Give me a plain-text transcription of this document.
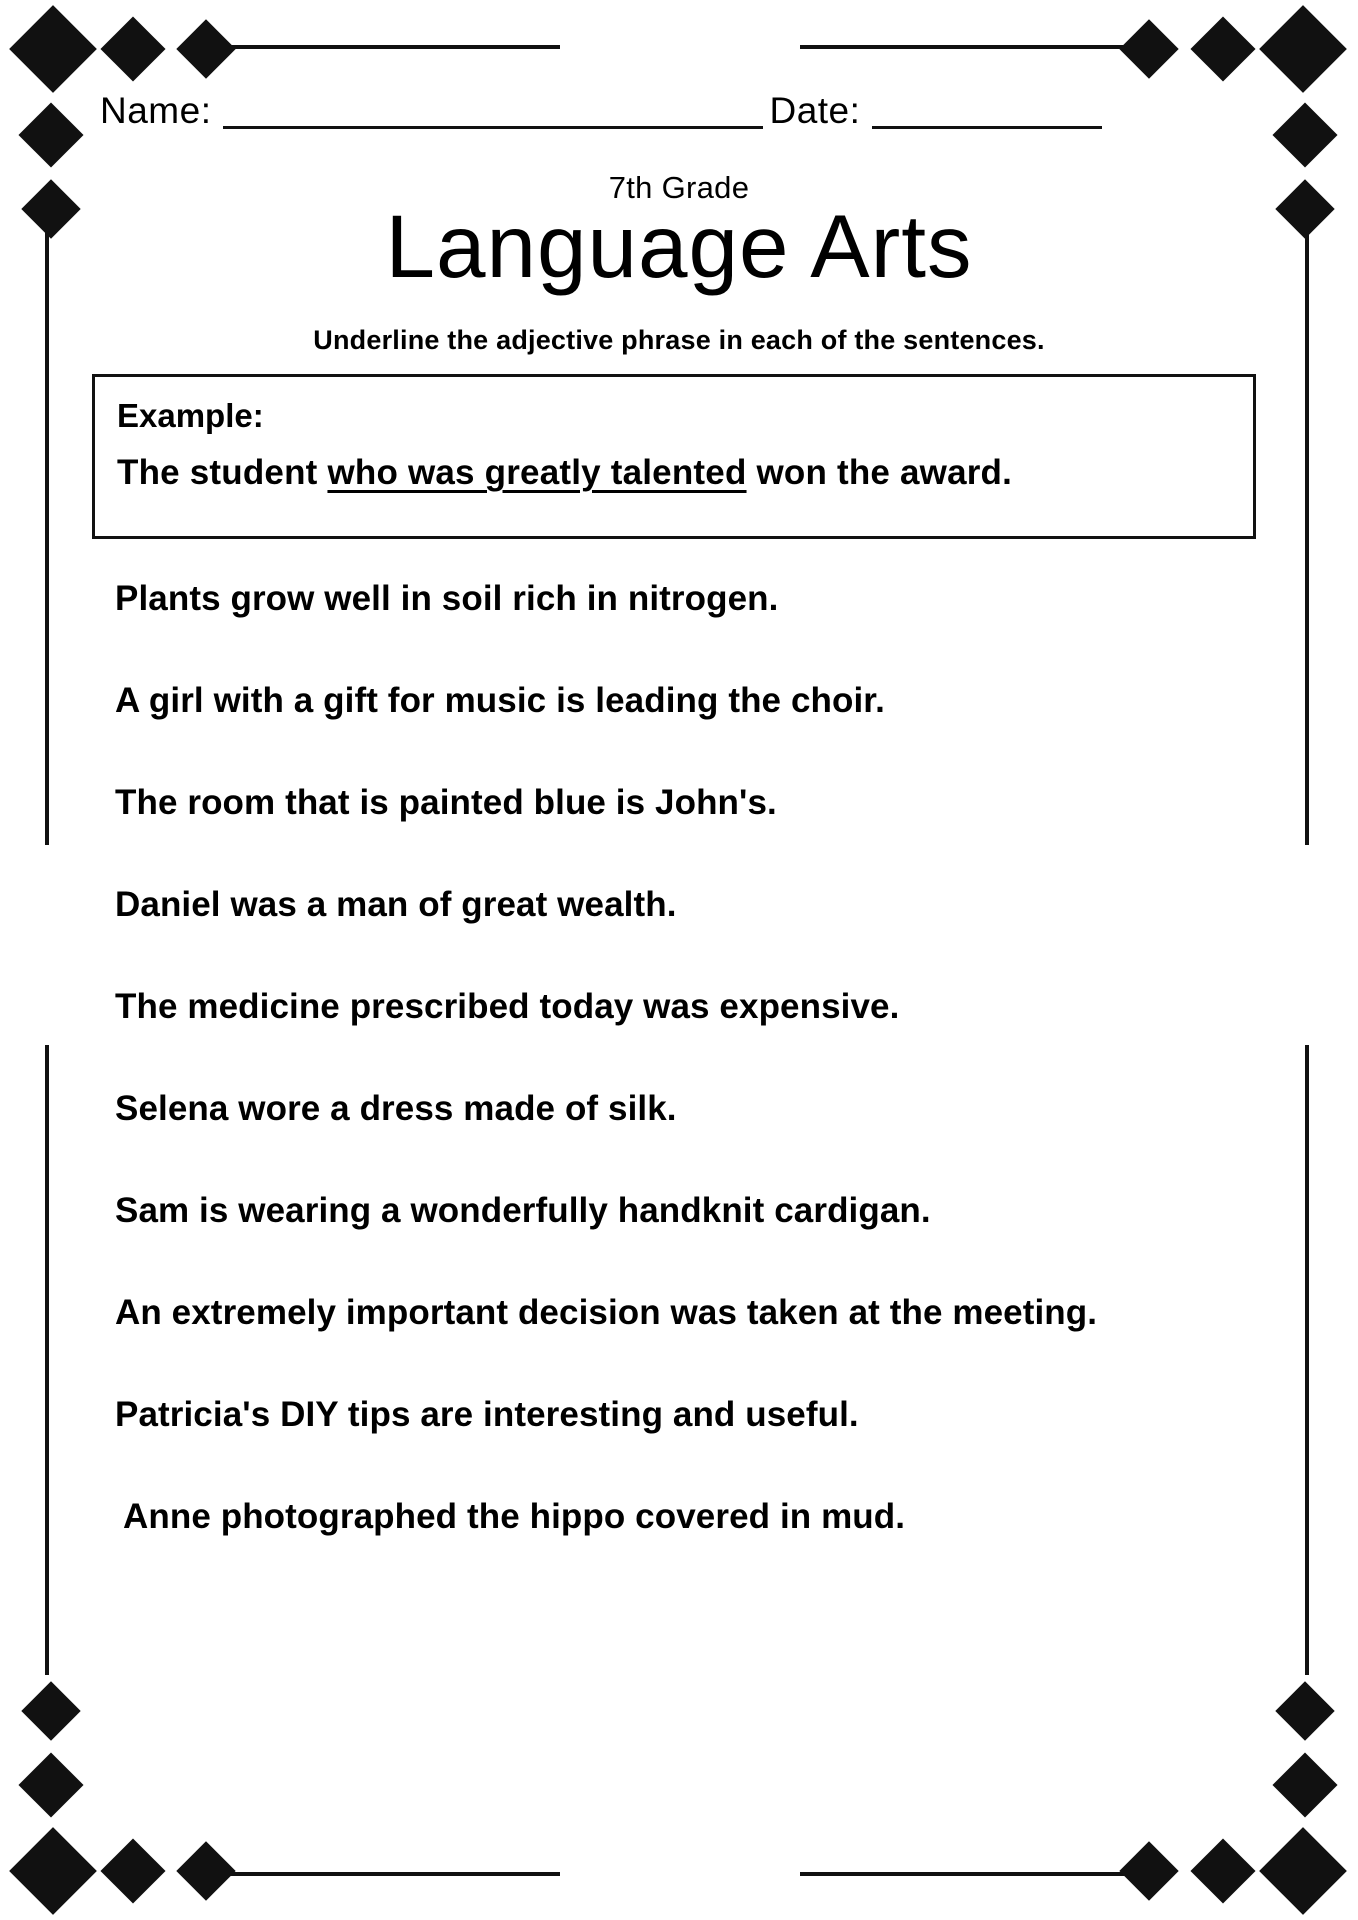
Name:	Date:
7th Grade
Language Arts
Underline the adjective phrase in each of the sentences.
Example:
The student who was greatly talented won the award.
Plants grow well in soil rich in nitrogen.
A girl with a gift for music is leading the choir.
The room that is painted blue is John's.
Daniel was a man of great wealth.
The medicine prescribed today was expensive.
Selena wore a dress made of silk.
Sam is wearing a wonderfully handknit cardigan.
An extremely important decision was taken at the meeting.
Patricia's DIY tips are interesting and useful.
Anne photographed the hippo covered in mud.
